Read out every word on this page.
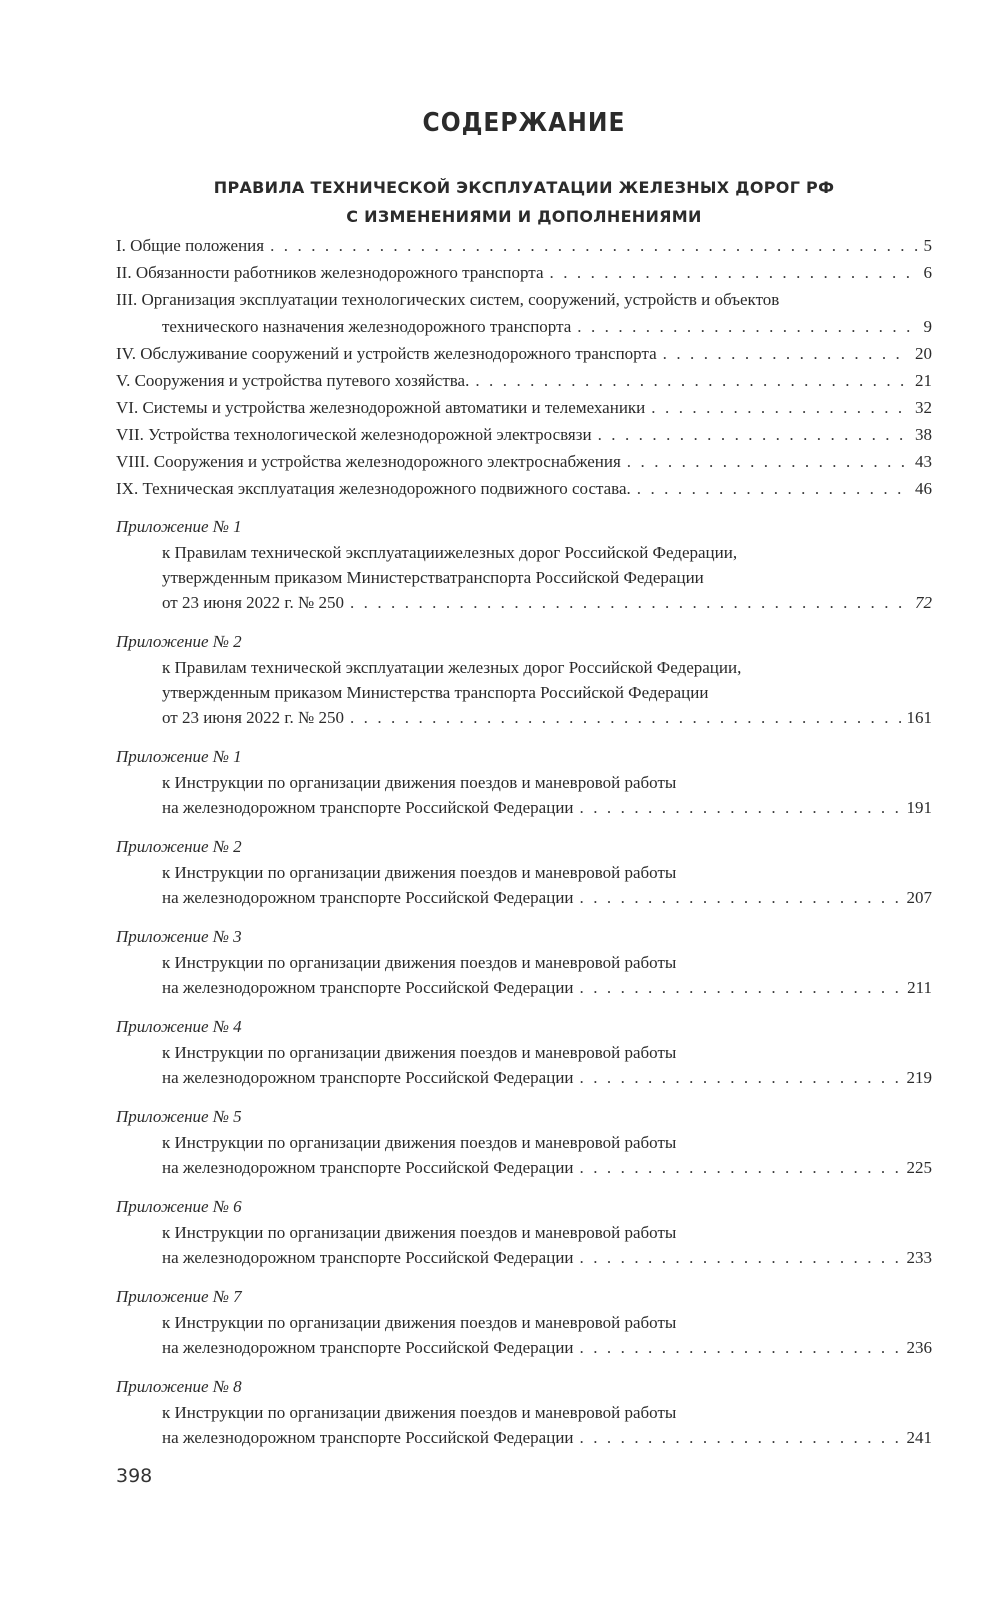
СОДЕРЖАНИЕ
ПРАВИЛА ТЕХНИЧЕСКОЙ ЭКСПЛУАТАЦИИ ЖЕЛЕЗНЫХ ДОРОГ РФ
С ИЗМЕНЕНИЯМИ И ДОПОЛНЕНИЯМИ
I. Общие положения . . .	5
II. Обязанности работников железнодорожного транспорта . . .	6
III. Организация эксплуатации технологических систем, сооружений, устройств и объектов
технического назначения железнодорожного транспорта . . .	9
IV. Обслуживание сооружений и устройств железнодорожного транспорта . . .	20
V. Сооружения и устройства путевого хозяйства. . . .	21
VI. Системы и устройства железнодорожной автоматики и телемеханики . . .	32
VII. Устройства технологической железнодорожной электросвязи . . .	38
VIII. Сооружения и устройства железнодорожного электроснабжения . . .	43
IX. Техническая эксплуатация железнодорожного подвижного состава. . . .	46
Приложение № 1
к Правилам технической эксплуатациижелезных дорог Российской Федерации,
утвержденным приказом Министерстватранспорта Российской Федерации
от 23 июня 2022 г. № 250 . . .	72
Приложение № 2
к Правилам технической эксплуатации железных дорог Российской Федерации,
утвержденным приказом Министерства транспорта Российской Федерации
от 23 июня 2022 г. № 250 . . .	161
Приложение № 1
к Инструкции по организации движения поездов и маневровой работы
на железнодорожном транспорте Российской Федерации . . .	191
Приложение № 2
к Инструкции по организации движения поездов и маневровой работы
на железнодорожном транспорте Российской Федерации . . .	207
Приложение № 3
к Инструкции по организации движения поездов и маневровой работы
на железнодорожном транспорте Российской Федерации . . .	211
Приложение № 4
к Инструкции по организации движения поездов и маневровой работы
на железнодорожном транспорте Российской Федерации . . .	219
Приложение № 5
к Инструкции по организации движения поездов и маневровой работы
на железнодорожном транспорте Российской Федерации . . .	225
Приложение № 6
к Инструкции по организации движения поездов и маневровой работы
на железнодорожном транспорте Российской Федерации . . .	233
Приложение № 7
к Инструкции по организации движения поездов и маневровой работы
на железнодорожном транспорте Российской Федерации . . .	236
Приложение № 8
к Инструкции по организации движения поездов и маневровой работы
на железнодорожном транспорте Российской Федерации . . .	241
398
